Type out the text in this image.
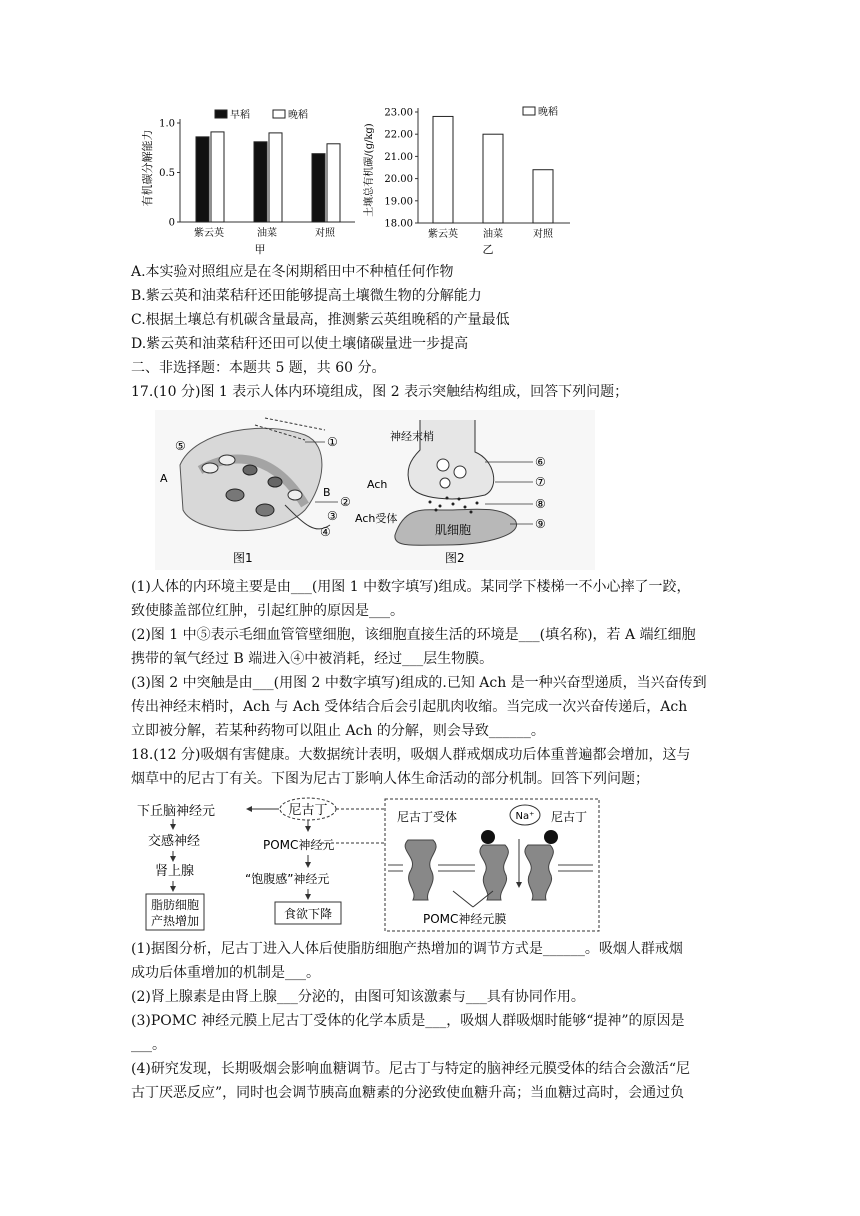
有机碳分解能力
0
0.5
1.0
紫云英	油菜	对照
早稻	晚稻
甲
土壤总有机碳/(g/kg)
18.00
19.00
20.00
21.00
22.00
23.00
紫云英	油菜	对照
晚稻
乙
A.本实验对照组应是在冬闲期稻田中不种植任何作物
B.紫云英和油菜秸秆还田能够提高土壤微生物的分解能力
C.根据土壤总有机碳含量最高，推测紫云英组晚稻的产量最低
D.紫云英和油菜秸秆还田可以使土壤储碳量进一步提高
二、非选择题：本题共 5 题，共 60 分。
17.(10 分)图 1 表示人体内环境组成，图 2 表示突触结构组成，回答下列问题；
⑤	①
A
B
②
③
④
图1
神经末梢
Ach
Ach受体
肌细胞
⑥
⑦
⑧
⑨
图2
(1)人体的内环境主要是由___(用图 1 中数字填写)组成。某同学下楼梯一不小心摔了一跤，
致使膝盖部位红肿，引起红肿的原因是___。
(2)图 1 中⑤表示毛细血管管壁细胞，该细胞直接生活的环境是___(填名称)，若 A 端红细胞
携带的氧气经过 B 端进入④中被消耗，经过___层生物膜。
(3)图 2 中突触是由___(用图 2 中数字填写)组成的.已知 Ach 是一种兴奋型递质，当兴奋传到
传出神经末梢时，Ach 与 Ach 受体结合后会引起肌肉收缩。当完成一次兴奋传递后，Ach
立即被分解，若某种药物可以阻止 Ach 的分解，则会导致______。
18.(12 分)吸烟有害健康。大数据统计表明，吸烟人群戒烟成功后体重普遍都会增加，这与
烟草中的尼古丁有关。下图为尼古丁影响人体生命活动的部分机制。回答下列问题；
下丘脑神经元	尼古丁
交感神经
肾上腺
脂肪细胞
产热增加
POMC神经元
“饱腹感”神经元
食欲下降
尼古丁受体	Na⁺ 尼古丁
POMC神经元膜
(1)据图分析，尼古丁进入人体后使脂肪细胞产热增加的调节方式是______。吸烟人群戒烟
成功后体重增加的机制是___。
(2)肾上腺素是由肾上腺___分泌的，由图可知该激素与___具有协同作用。
(3)POMC 神经元膜上尼古丁受体的化学本质是___，吸烟人群吸烟时能够“提神”的原因是
___。
(4)研究发现，长期吸烟会影响血糖调节。尼古丁与特定的脑神经元膜受体的结合会激活“尼
古丁厌恶反应”，同时也会调节胰高血糖素的分泌致使血糖升高；当血糖过高时，会通过负
